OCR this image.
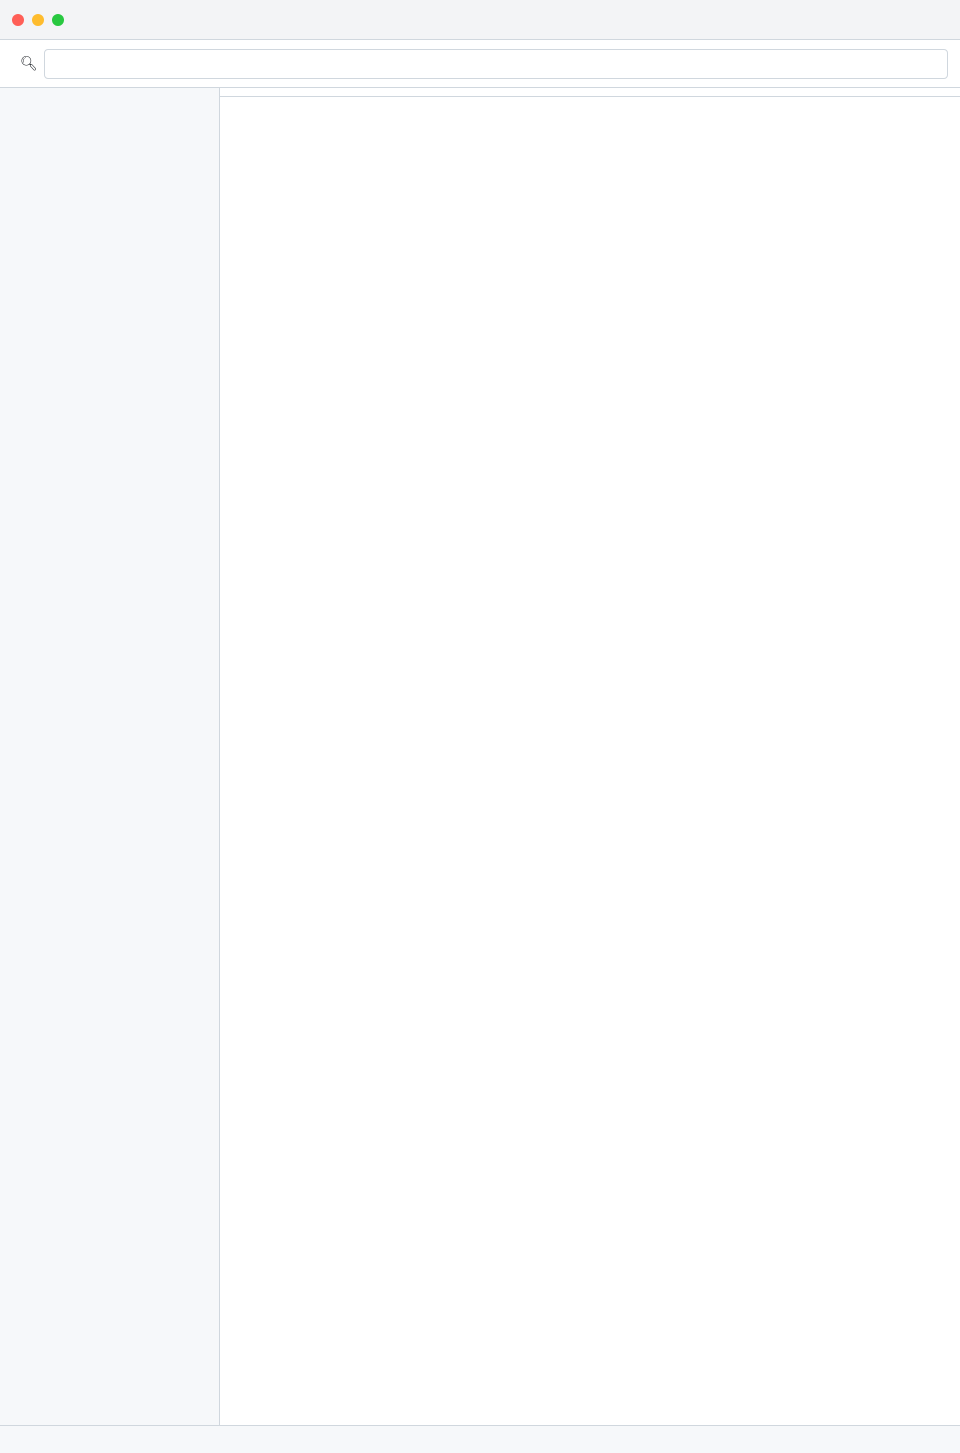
🔍︎
